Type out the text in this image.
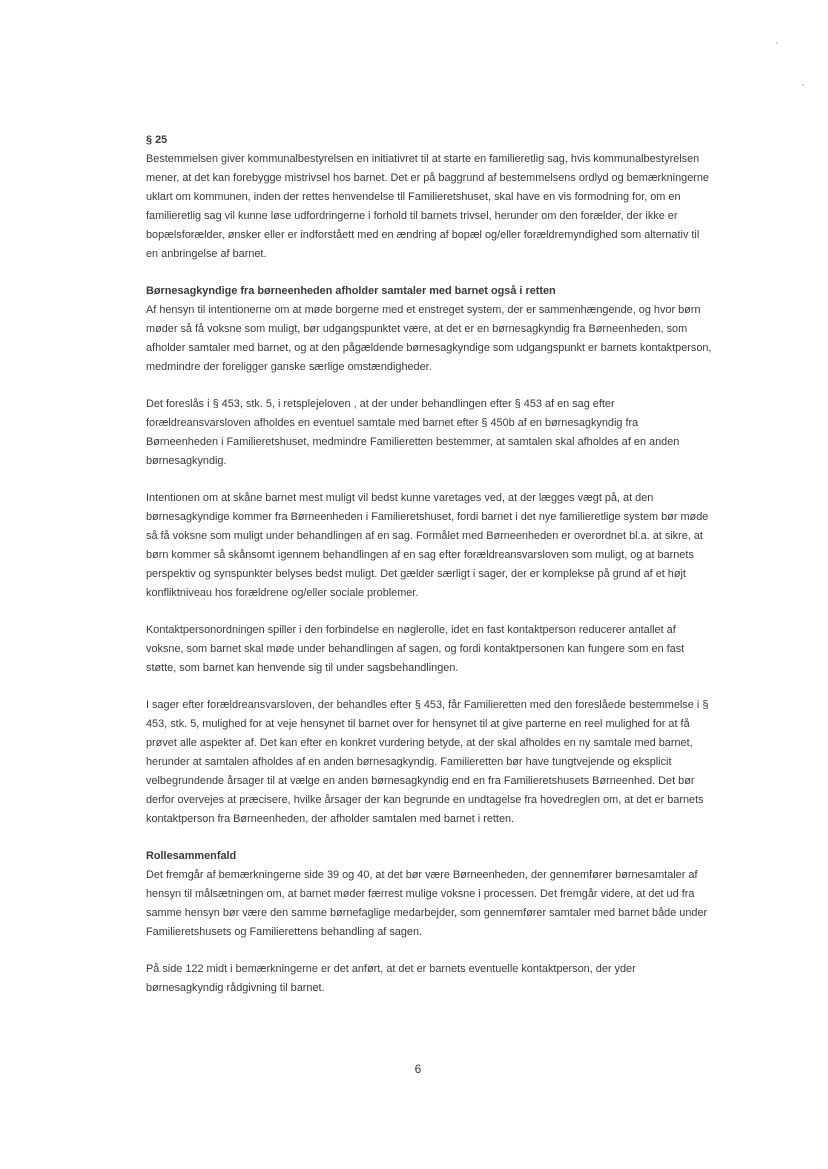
§ 25
Bestemmelsen giver kommunalbestyrelsen en initiativret til at starte en familieretlig sag, hvis kommunalbestyrelsen mener, at det kan forebygge mistrivsel hos barnet. Det er på baggrund af bestemmelsens ordlyd og bemærkningerne uklart om kommunen, inden der rettes henvendelse til Familieretshuset, skal have en vis formodning for, om en familieretlig sag vil kunne løse udfordringerne i forhold til barnets trivsel, herunder om den forælder, der ikke er bopælsforælder, ønsker eller er indforståett med en ændring af bopæl og/eller forældremyndighed som alternativ til en anbringelse af barnet.

Børnesagkyndige fra børneenheden afholder samtaler med barnet også i retten
Af hensyn til intentionerne om at møde borgerne med et enstreget system, der er sammenhængende, og hvor børn møder så få voksne som muligt, bør udgangspunktet være, at det er en børnesagkyndig fra Børneenheden, som afholder samtaler med barnet, og at den pågældende børnesagkyndige som udgangspunkt er barnets kontaktperson, medmindre der foreligger ganske særlige omstændigheder.

Det foreslås i § 453, stk. 5, i retsplejeloven , at der under behandlingen efter § 453 af en sag efter forældreansvarsloven afholdes en eventuel samtale med barnet efter § 450b af en børnesagkyndig fra Børneenheden i Familieretshuset, medmindre Familieretten bestemmer, at samtalen skal afholdes af en anden børnesagkyndig.

Intentionen om at skåne barnet mest muligt vil bedst kunne varetages ved, at der lægges vægt på, at den børnesagkyndige kommer fra Børneenheden i Familieretshuset, fordi barnet i det nye familieretlige system bør møde så få voksne som muligt under behandlingen af en sag. Formålet med Børneenheden er overordnet bl.a. at sikre, at børn kommer så skånsomt igennem behandlingen af en sag efter forældreansvarsloven som muligt, og at barnets perspektiv og synspunkter belyses bedst muligt. Det gælder særligt i sager, der er komplekse på grund af et højt konfliktniveau hos forældrene og/eller sociale problemer.

Kontaktpersonordningen spiller i den forbindelse en nøglerolle, idet en fast kontaktperson reducerer antallet af voksne, som barnet skal møde under behandlingen af sagen, og fordi kontaktpersonen kan fungere som en fast støtte, som barnet kan henvende sig til under sagsbehandlingen.

I sager efter forældreansvarsloven, der behandles efter § 453, får Familieretten med den foreslåede bestemmelse i § 453, stk. 5, mulighed for at veje hensynet til barnet over for hensynet til at give parterne en reel mulighed for at få prøvet alle aspekter af. Det kan efter en konkret vurdering betyde, at der skal afholdes en ny samtale med barnet, herunder at samtalen afholdes af en anden børnesagkyndig. Familieretten bør have tungtvejende og eksplicit velbegrundende årsager til at vælge en anden børnesagkyndig end en fra Familieretshusets Børneenhed. Det bør derfor overvejes at præcisere, hvilke årsager der kan begrunde en undtagelse fra hovedreglen om, at det er barnets kontaktperson fra Børneenheden, der afholder samtalen med barnet i retten.

Rollesammenfald
Det fremgår af bemærkningerne side 39 og 40, at det bør være Børneenheden, der gennemfører børnesamtaler af hensyn til målsætningen om, at barnet møder færrest mulige voksne i processen. Det fremgår videre, at det ud fra samme hensyn bør være den samme børnefaglige medarbejder, som gennemfører samtaler med barnet både under Familieretshusets og Familierettens behandling af sagen.

På side 122 midt i bemærkningerne er det anført, at det er barnets eventuelle kontaktperson, der yder børnesagkyndig rådgivning til barnet.

6
